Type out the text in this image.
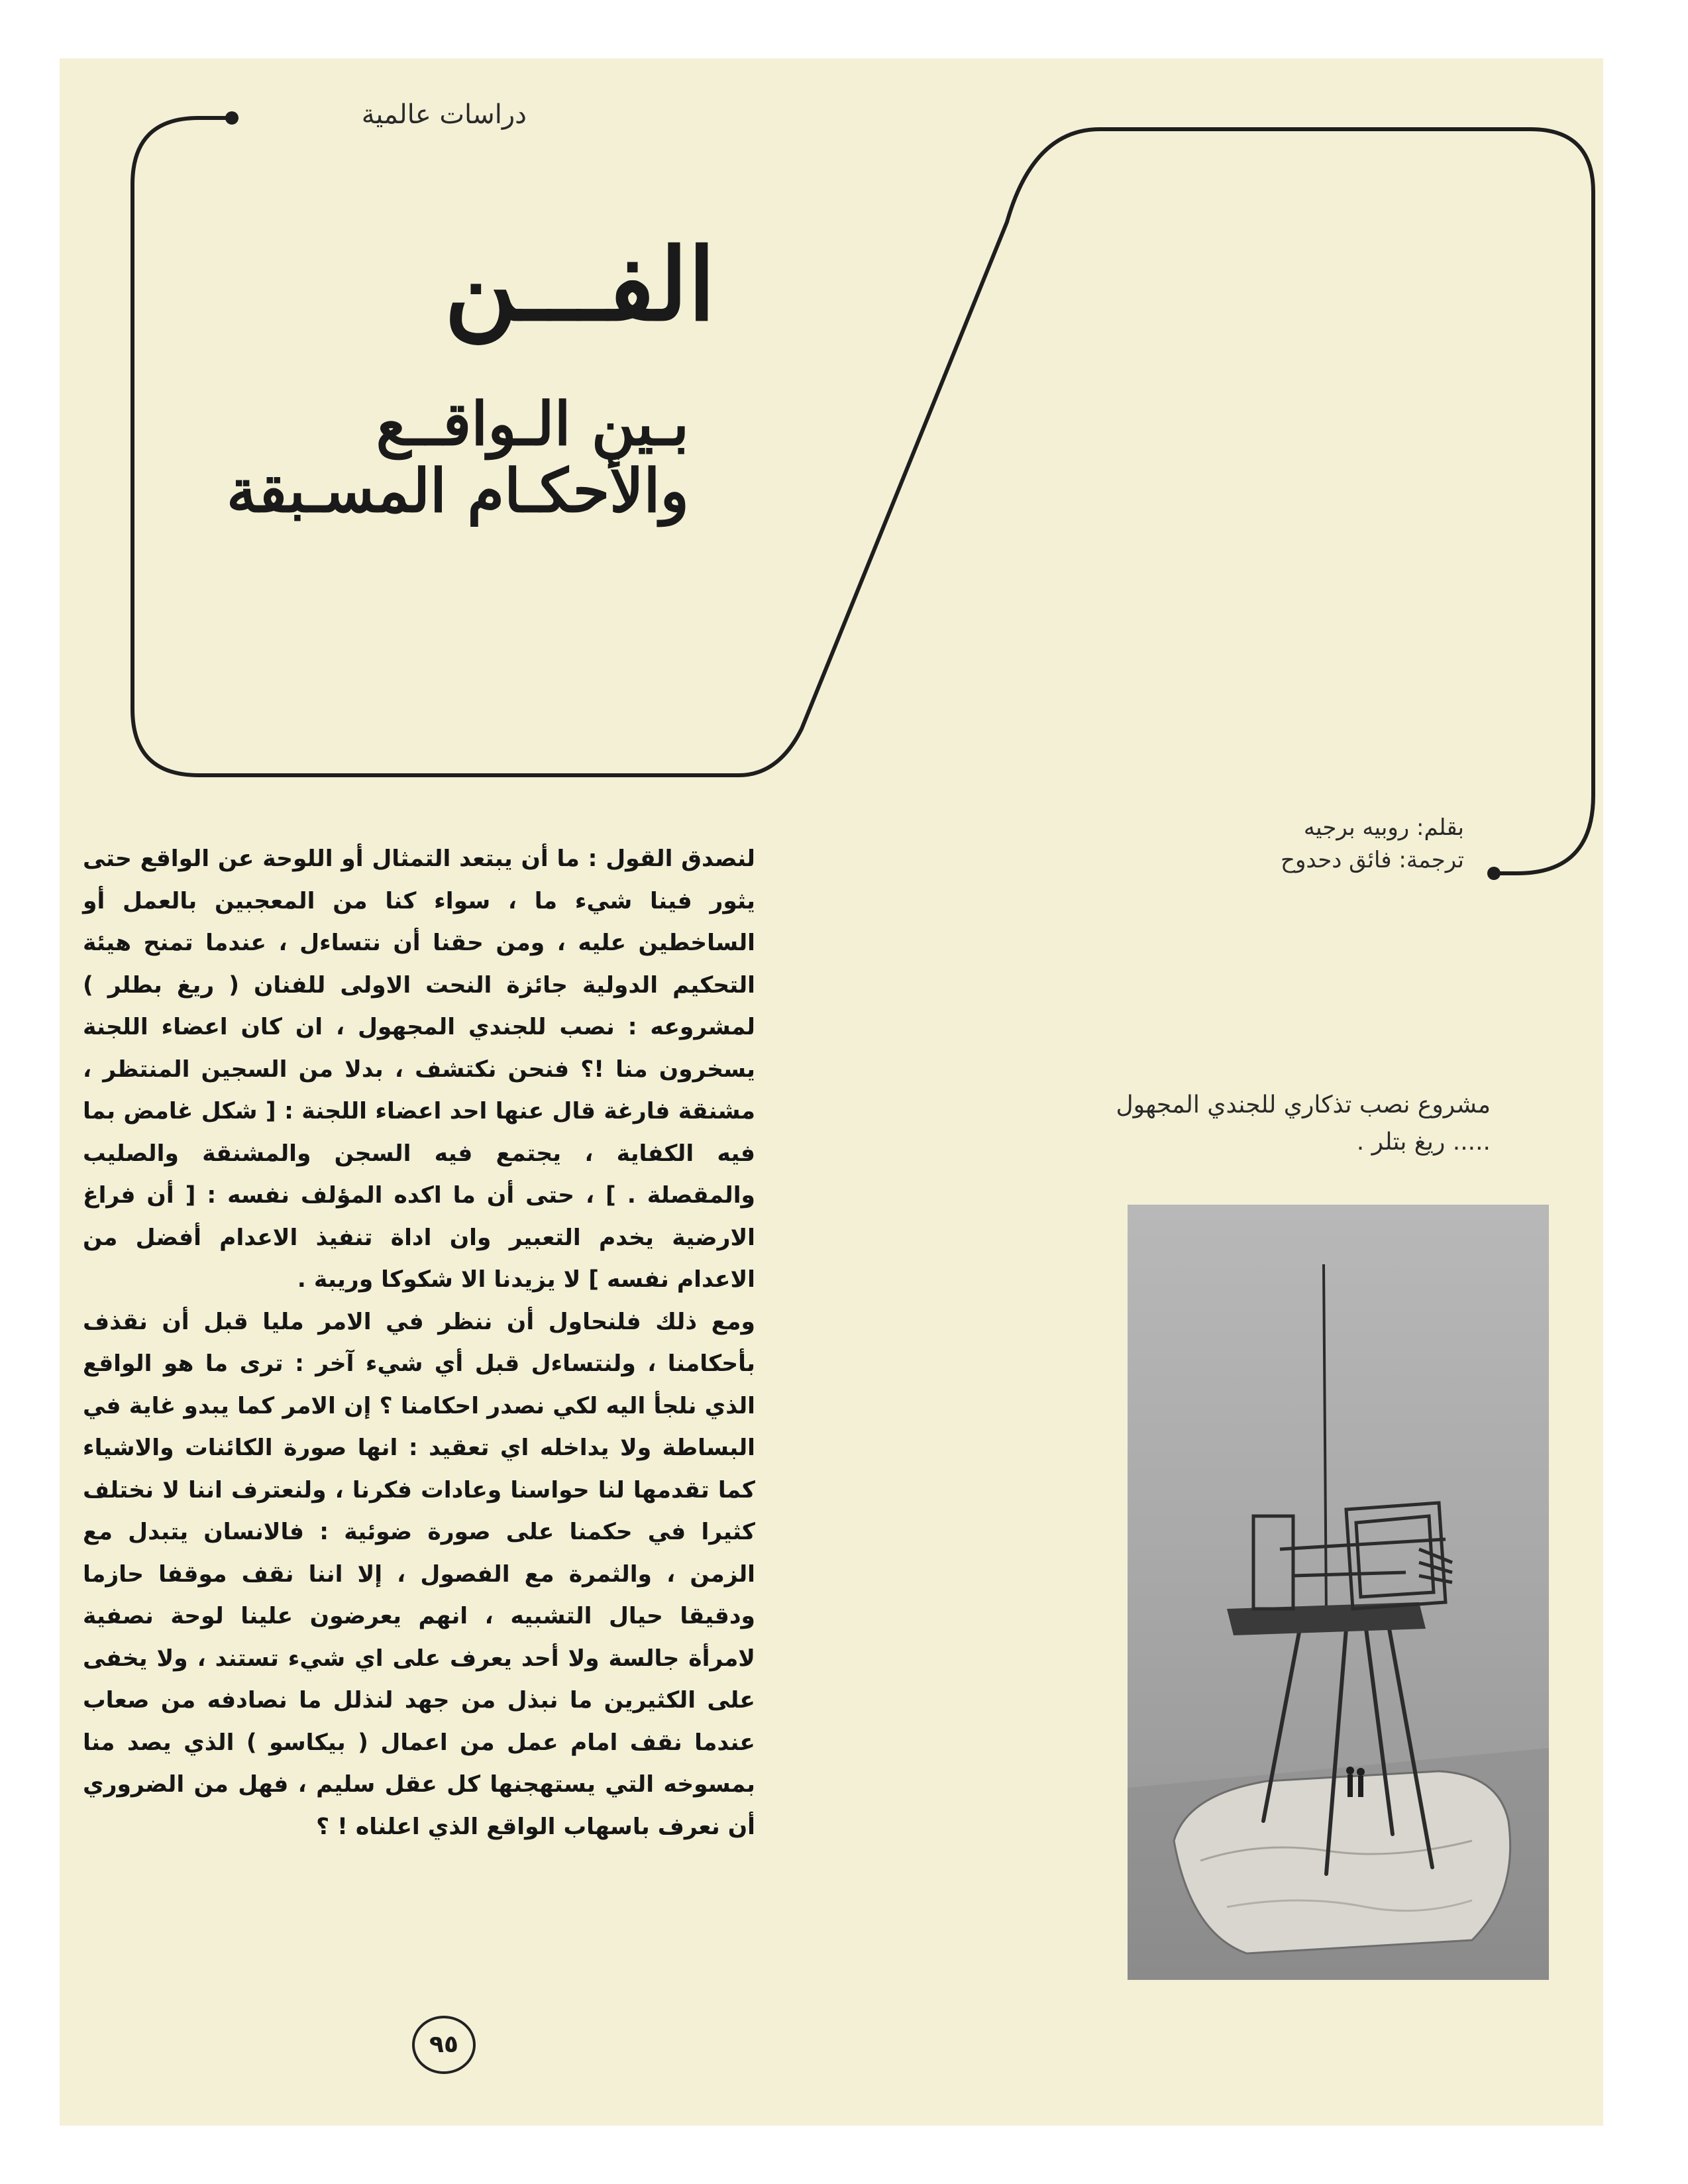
دراسات عالمية
الفـــن
بـين الـواقــع
والأحكـام المسـبقة
بقلم: روبيه برجيه
ترجمة: فائق دحدوح
مشروع نصب تذكاري للجندي المجهول
..... ريغ بتلر .

لنصدق القول : ما أن يبتعد التمثال أو اللوحة عن الواقع حتى يثور فينا شيء ما ، سواء كنا من المعجبين بالعمل أو الساخطين عليه ، ومن حقنا أن نتساءل ، عندما تمنح هيئة التحكيم الدولية جائزة النحت الاولى للفنان ( ريغ بطلر ) لمشروعه : نصب للجندي المجهول ، ان كان اعضاء اللجنة يسخرون منا !؟ فنحن نكتشف ، بدلا من السجين المنتظر ، مشنقة فارغة قال عنها احد اعضاء اللجنة : [ شكل غامض بما فيه الكفاية ، يجتمع فيه السجن والمشنقة والصليب والمقصلة . ] ، حتى أن ما اكده المؤلف نفسه : [ أن فراغ الارضية يخدم التعبير وان اداة تنفيذ الاعدام أفضل من الاعدام نفسه ] لا يزيدنا الا شكوكا وريبة .

ومع ذلك فلنحاول أن ننظر في الامر مليا قبل أن نقذف بأحكامنا ، ولنتساءل قبل أي شيء آخر : ترى ما هو الواقع الذي نلجأ اليه لكي نصدر احكامنا ؟ إن الامر كما يبدو غاية في البساطة ولا يداخله اي تعقيد : انها صورة الكائنات والاشياء كما تقدمها لنا حواسنا وعادات فكرنا ، ولنعترف اننا لا نختلف كثيرا في حكمنا على صورة ضوئية : فالانسان يتبدل مع الزمن ، والثمرة مع الفصول ، إلا اننا نقف موقفا حازما ودقيقا حيال التشبيه ، انهم يعرضون علينا لوحة نصفية لامرأة جالسة ولا أحد يعرف على اي شيء تستند ، ولا يخفى على الكثيرين ما نبذل من جهد لنذلل ما نصادفه من صعاب عندما نقف امام عمل من اعمال ( بيكاسو ) الذي يصد منا بمسوخه التي يستهجنها كل عقل سليم ، فهل من الضروري أن نعرف باسهاب الواقع الذي اعلناه ! ؟

٩٥
